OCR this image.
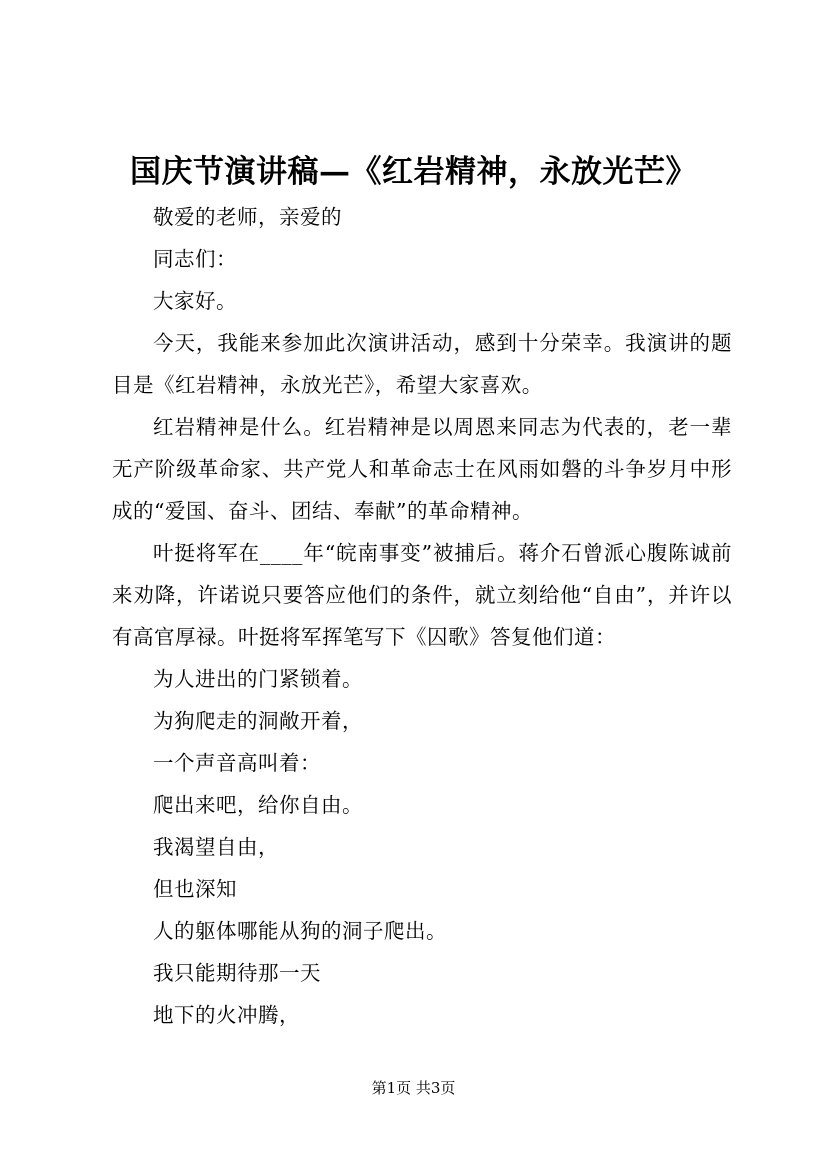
国庆节演讲稿—《红岩精神，永放光芒》

敬爱的老师，亲爱的

同志们：

大家好。

今天，我能来参加此次演讲活动，感到十分荣幸。我演讲的题目是《红岩精神，永放光芒》，希望大家喜欢。

红岩精神是什么。红岩精神是以周恩来同志为代表的，老一辈无产阶级革命家、共产党人和革命志士在风雨如磐的斗争岁月中形成的“爱国、奋斗、团结、奉献”的革命精神。

叶挺将军在____年“皖南事变”被捕后。蒋介石曾派心腹陈诚前来劝降，许诺说只要答应他们的条件，就立刻给他“自由”，并许以有高官厚禄。叶挺将军挥笔写下《囚歌》答复他们道：

为人进出的门紧锁着。

为狗爬走的洞敞开着，

一个声音高叫着：

爬出来吧，给你自由。

我渴望自由，

但也深知

人的躯体哪能从狗的洞子爬出。

我只能期待那一天

地下的火冲腾，

第1页 共3页
